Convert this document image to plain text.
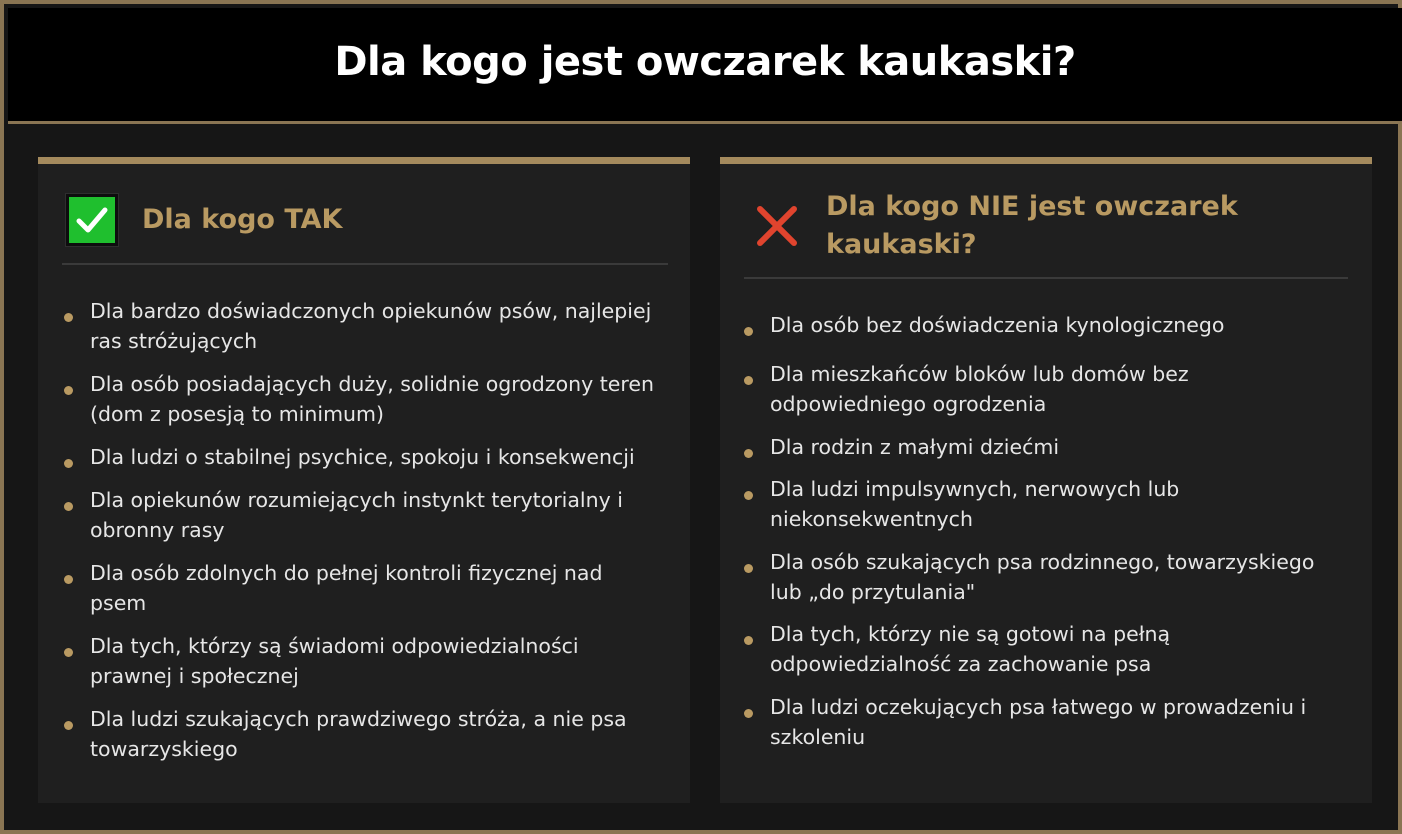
Dla kogo jest owczarek kaukaski?
Dla kogo TAK
Dla bardzo doświadczonych opiekunów psów, najlepiej ras stróżujących
Dla osób posiadających duży, solidnie ogrodzony teren (dom z posesją to minimum)
Dla ludzi o stabilnej psychice, spokoju i konsekwencji
Dla opiekunów rozumiejących instynkt terytorialny i obronny rasy
Dla osób zdolnych do pełnej kontroli fizycznej nad psem
Dla tych, którzy są świadomi odpowiedzialności prawnej i społecznej
Dla ludzi szukających prawdziwego stróża, a nie psa towarzyskiego
Dla kogo NIE jest owczarek kaukaski?
Dla osób bez doświadczenia kynologicznego
Dla mieszkańców bloków lub domów bez odpowiedniego ogrodzenia
Dla rodzin z małymi dziećmi
Dla ludzi impulsywnych, nerwowych lub niekonsekwentnych
Dla osób szukających psa rodzinnego, towarzyskiego lub „do przytulania"
Dla tych, którzy nie są gotowi na pełną odpowiedzialność za zachowanie psa
Dla ludzi oczekujących psa łatwego w prowadzeniu i szkoleniu
